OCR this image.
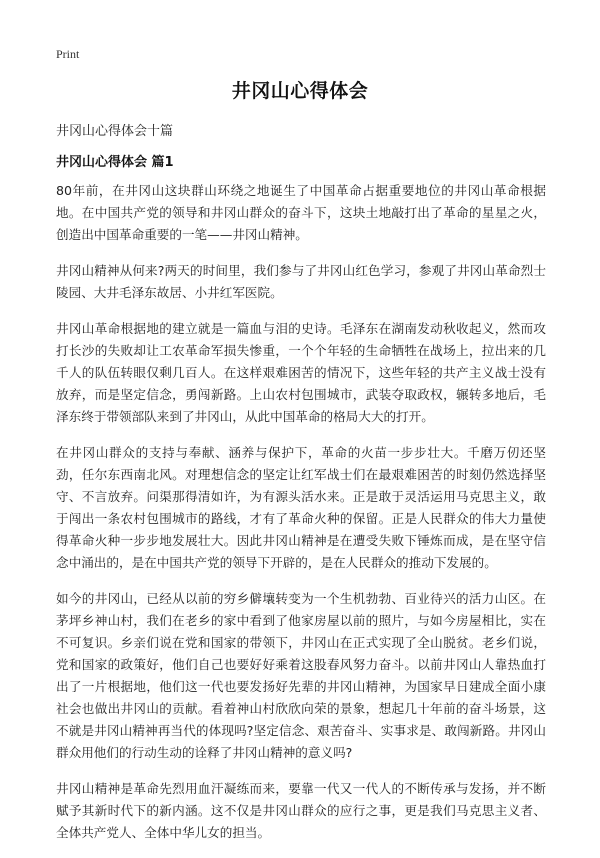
Print
井冈山心得体会
井冈山心得体会十篇
井冈山心得体会 篇1

80年前，在井冈山这块群山环绕之地诞生了中国革命占据重要地位的井冈山革命根据地。在中国共产党的领导和井冈山群众的奋斗下，这块土地敲打出了革命的星星之火，创造出中国革命重要的一笔——井冈山精神。

井冈山精神从何来?两天的时间里，我们参与了井冈山红色学习，参观了井冈山革命烈士陵园、大井毛泽东故居、小井红军医院。

井冈山革命根据地的建立就是一篇血与泪的史诗。毛泽东在湖南发动秋收起义，然而攻打长沙的失败却让工农革命军损失惨重，一个个年轻的生命牺牲在战场上，拉出来的几千人的队伍转眼仅剩几百人。在这样艰难困苦的情况下，这些年轻的共产主义战士没有放弃，而是坚定信念，勇闯新路。上山农村包围城市，武装夺取政权，辗转多地后，毛泽东终于带领部队来到了井冈山，从此中国革命的格局大大的打开。

在井冈山群众的支持与奉献、涵养与保护下，革命的火苗一步步壮大。千磨万仞还坚劲，任尔东西南北风。对理想信念的坚定让红军战士们在最艰难困苦的时刻仍然选择坚守、不言放弃。问渠那得清如许，为有源头活水来。正是敢于灵活运用马克思主义，敢于闯出一条农村包围城市的路线，才有了革命火种的保留。正是人民群众的伟大力量使得革命火种一步步地发展壮大。因此井冈山精神是在遭受失败下锤炼而成，是在坚守信念中涌出的，是在中国共产党的领导下开辟的，是在人民群众的推动下发展的。

如今的井冈山，已经从以前的穷乡僻壤转变为一个生机勃勃、百业待兴的活力山区。在茅坪乡神山村，我们在老乡的家中看到了他家房屋以前的照片，与如今房屋相比，实在不可复识。乡亲们说在党和国家的带领下，井冈山在正式实现了全山脱贫。老乡们说，党和国家的政策好，他们自己也要好好乘着这股春风努力奋斗。以前井冈山人靠热血打出了一片根据地，他们这一代也要发扬好先辈的井冈山精神，为国家早日建成全面小康社会也做出井冈山的贡献。看着神山村欣欣向荣的景象，想起几十年前的奋斗场景，这不就是井冈山精神再当代的体现吗?坚定信念、艰苦奋斗、实事求是、敢闯新路。井冈山群众用他们的行动生动的诠释了井冈山精神的意义吗?

井冈山精神是革命先烈用血汗凝练而来，要靠一代又一代人的不断传承与发扬，并不断赋予其新时代下的新内涵。这不仅是井冈山群众的应行之事，更是我们马克思主义者、全体共产党人、全体中华儿女的担当。
